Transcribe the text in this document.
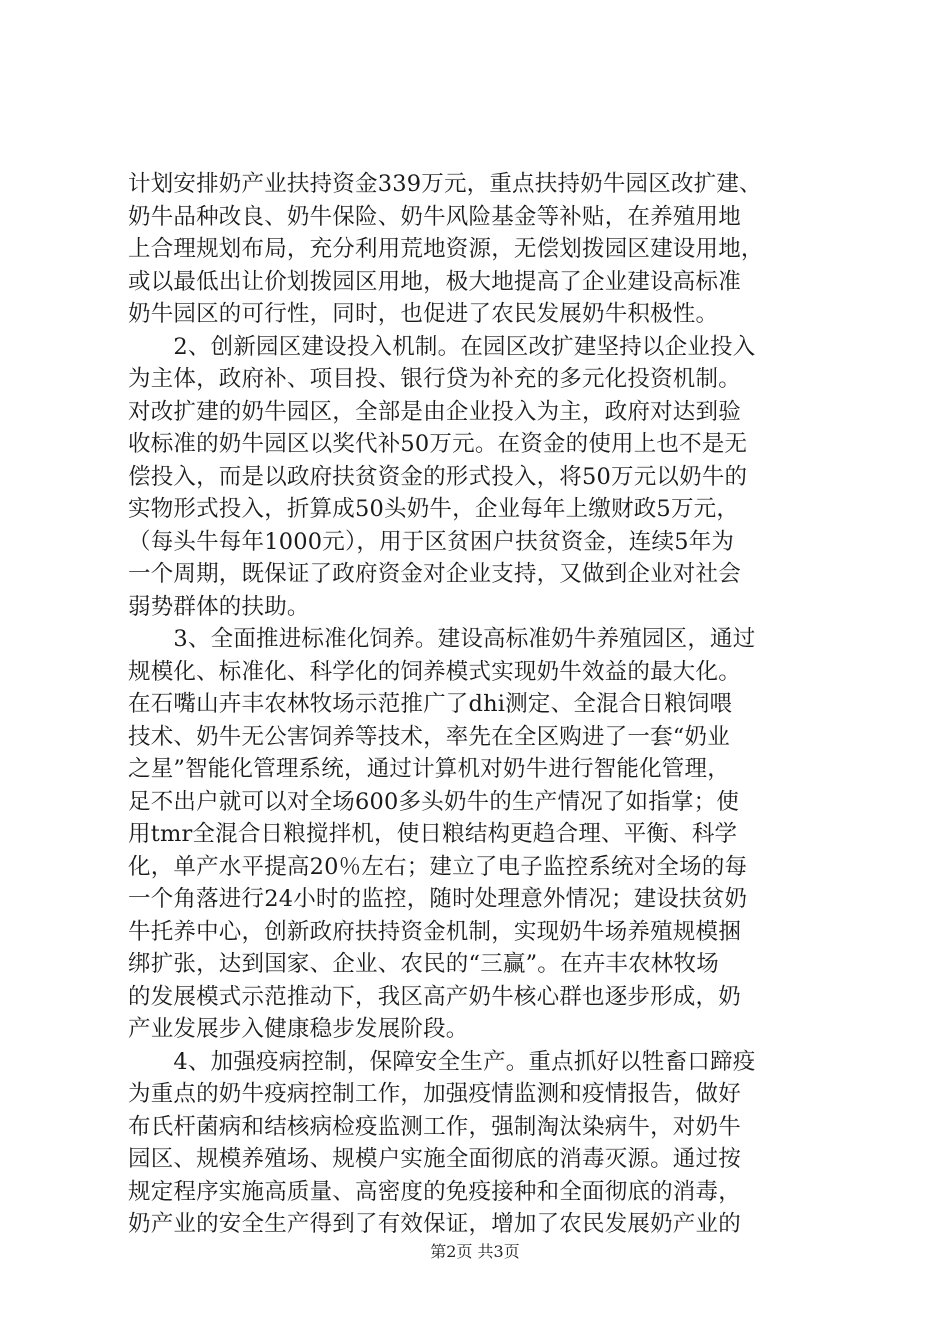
计划安排奶产业扶持资金339万元，重点扶持奶牛园区改扩建、
奶牛品种改良、奶牛保险、奶牛风险基金等补贴，在养殖用地
上合理规划布局，充分利用荒地资源，无偿划拨园区建设用地，
或以最低出让价划拨园区用地，极大地提高了企业建设高标准
奶牛园区的可行性，同时，也促进了农民发展奶牛积极性。
　　2、创新园区建设投入机制。在园区改扩建坚持以企业投入
为主体，政府补、项目投、银行贷为补充的多元化投资机制。
对改扩建的奶牛园区，全部是由企业投入为主，政府对达到验
收标准的奶牛园区以奖代补50万元。在资金的使用上也不是无
偿投入，而是以政府扶贫资金的形式投入，将50万元以奶牛的
实物形式投入，折算成50头奶牛，企业每年上缴财政5万元，
（每头牛每年1000元），用于区贫困户扶贫资金，连续5年为
一个周期，既保证了政府资金对企业支持，又做到企业对社会
弱势群体的扶助。
　　3、全面推进标准化饲养。建设高标准奶牛养殖园区，通过
规模化、标准化、科学化的饲养模式实现奶牛效益的最大化。
在石嘴山卉丰农林牧场示范推广了dhi测定、全混合日粮饲喂
技术、奶牛无公害饲养等技术，率先在全区购进了一套“奶业
之星”智能化管理系统，通过计算机对奶牛进行智能化管理，
足不出户就可以对全场600多头奶牛的生产情况了如指掌；使
用tmr全混合日粮搅拌机，使日粮结构更趋合理、平衡、科学
化，单产水平提高20％左右；建立了电子监控系统对全场的每
一个角落进行24小时的监控，随时处理意外情况；建设扶贫奶
牛托养中心，创新政府扶持资金机制，实现奶牛场养殖规模捆
绑扩张，达到国家、企业、农民的“三赢”。在卉丰农林牧场
的发展模式示范推动下，我区高产奶牛核心群也逐步形成，奶
产业发展步入健康稳步发展阶段。
　　4、加强疫病控制，保障安全生产。重点抓好以牲畜口蹄疫
为重点的奶牛疫病控制工作，加强疫情监测和疫情报告，做好
布氏杆菌病和结核病检疫监测工作，强制淘汰染病牛，对奶牛
园区、规模养殖场、规模户实施全面彻底的消毒灭源。通过按
规定程序实施高质量、高密度的免疫接种和全面彻底的消毒，
奶产业的安全生产得到了有效保证，增加了农民发展奶产业的
第2页 共3页
